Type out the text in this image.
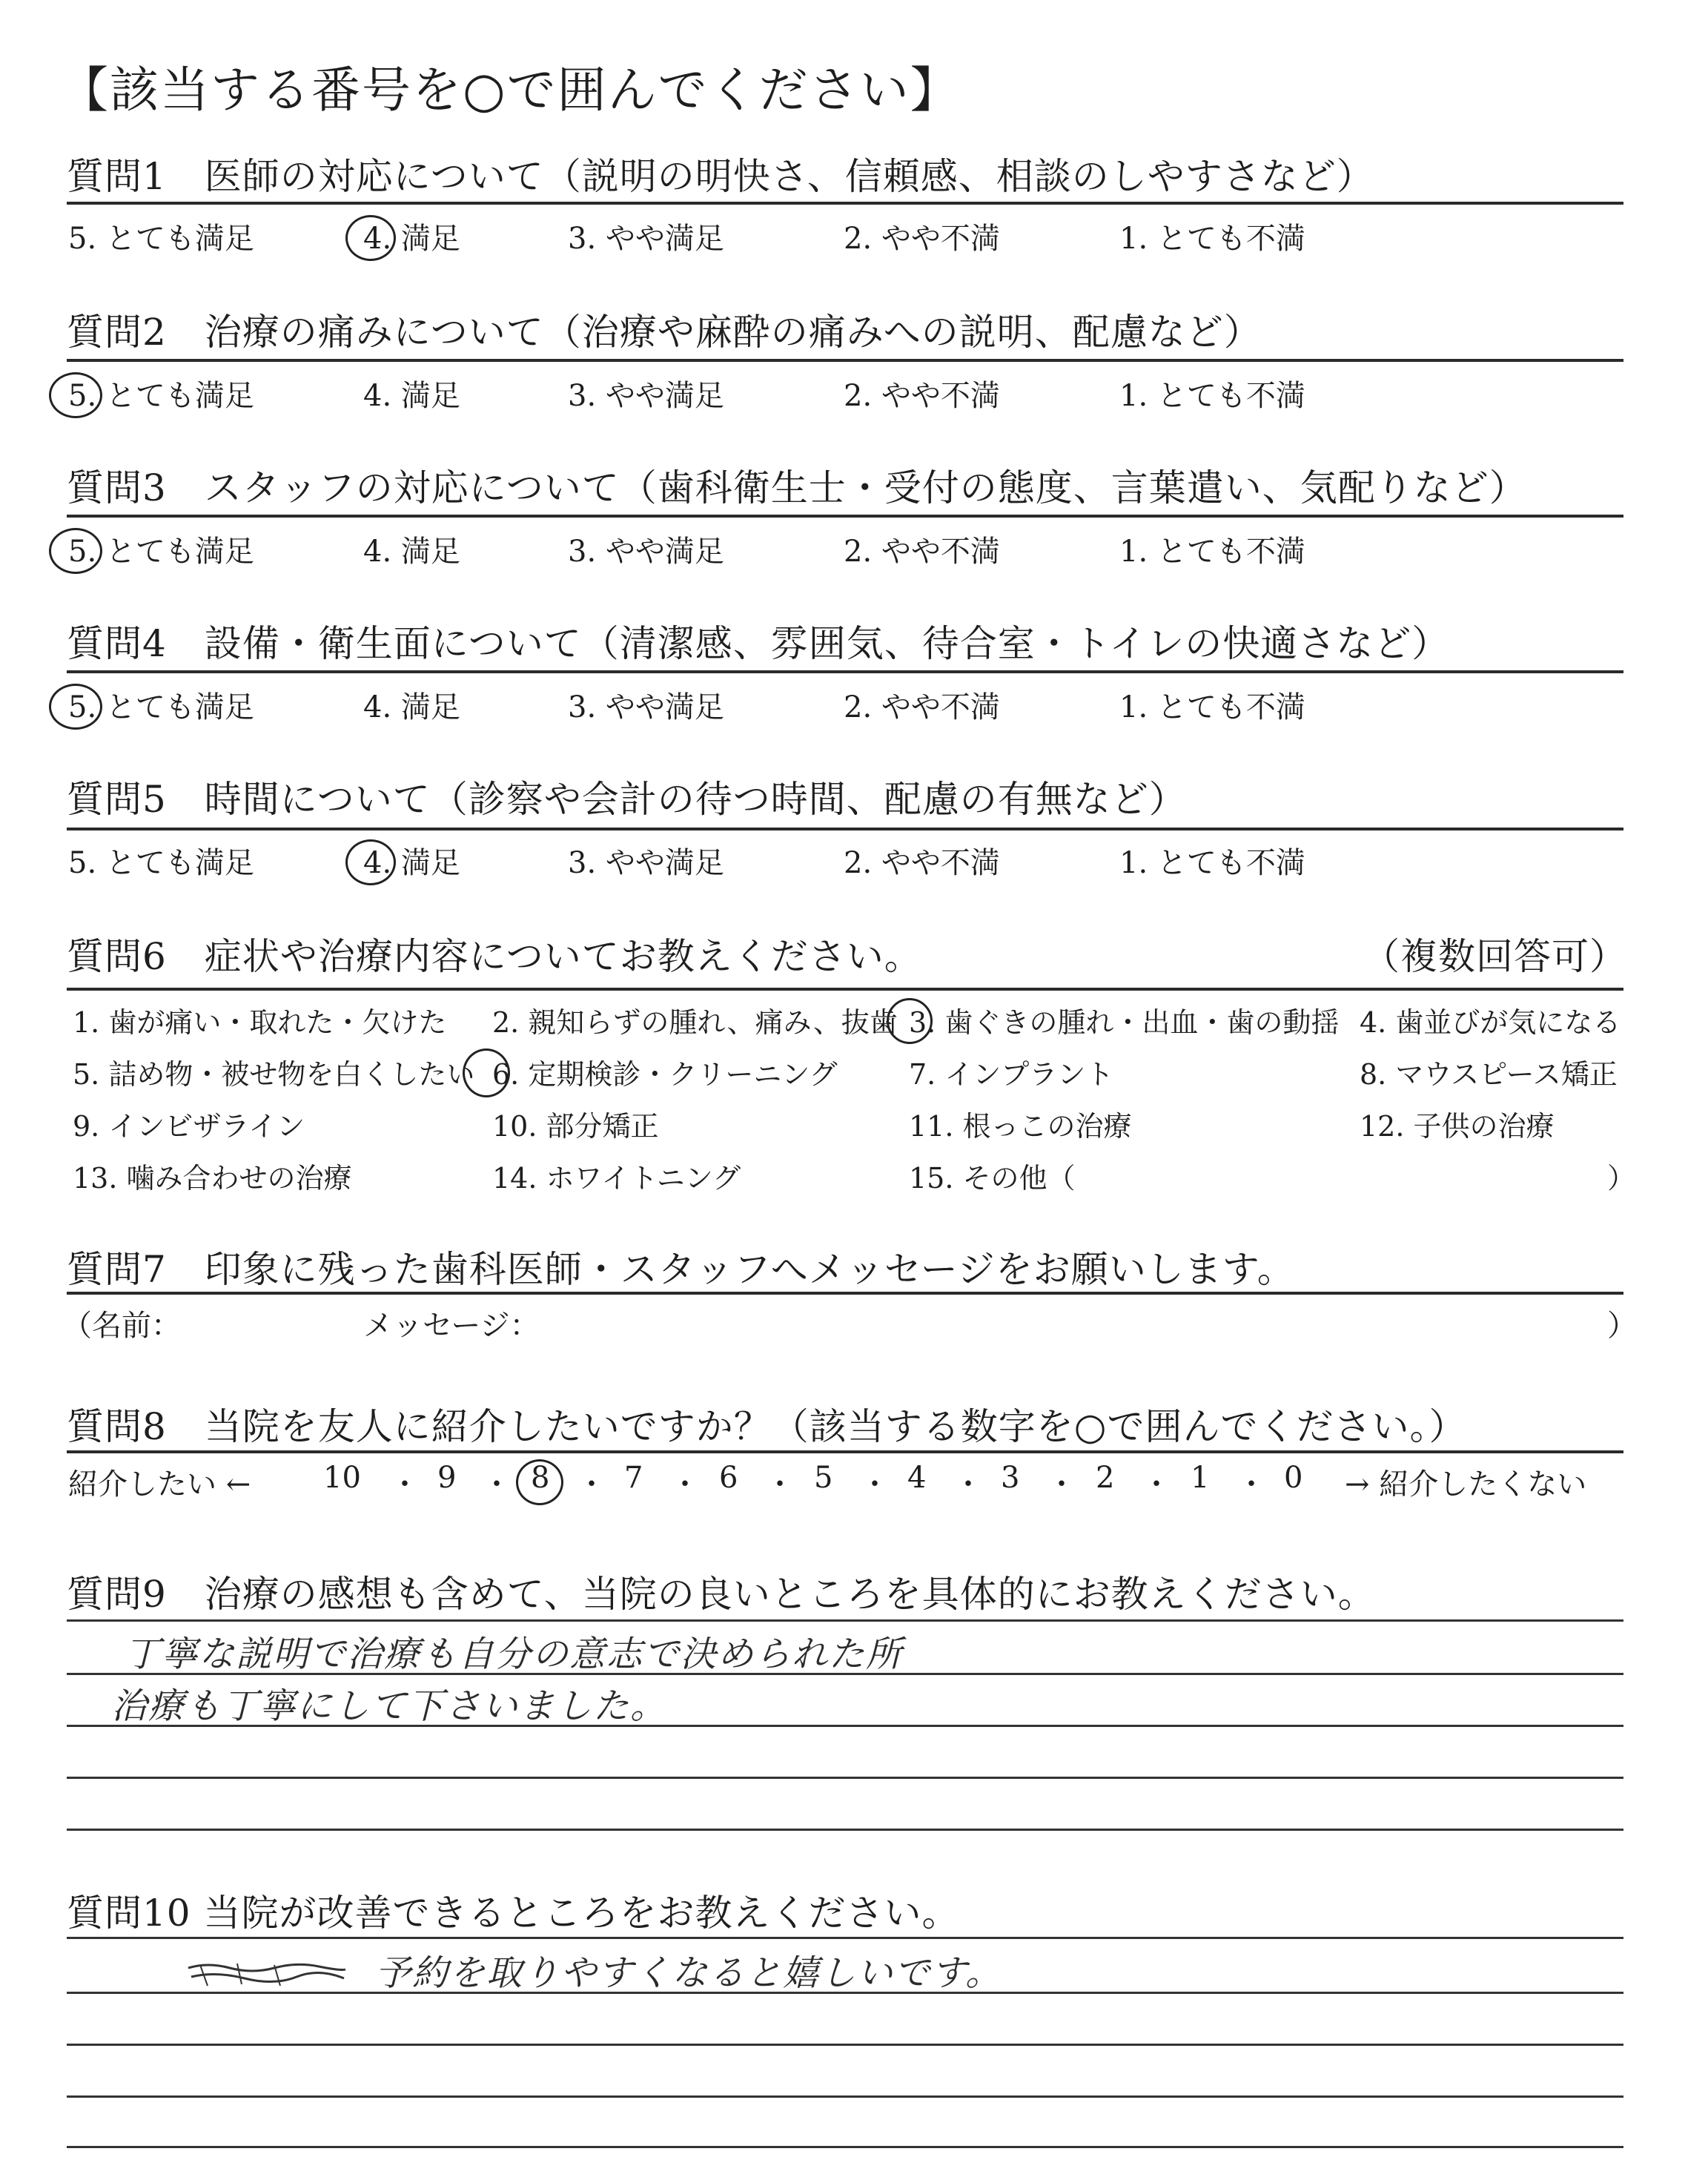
【該当する番号を○で囲んでください】
質問1　医師の対応について（説明の明快さ、信頼感、相談のしやすさなど）
5. とても満足	4. 満足	3. やや満足	2. やや不満	1. とても不満
質問2　治療の痛みについて（治療や麻酔の痛みへの説明、配慮など）
5. とても満足	4. 満足	3. やや満足	2. やや不満	1. とても不満
質問3　スタッフの対応について（歯科衛生士・受付の態度、言葉遣い、気配りなど）
5. とても満足	4. 満足	3. やや満足	2. やや不満	1. とても不満
質問4　設備・衛生面について（清潔感、雰囲気、待合室・トイレの快適さなど）
5. とても満足	4. 満足	3. やや満足	2. やや不満	1. とても不満
質問5　時間について（診察や会計の待つ時間、配慮の有無など）
5. とても満足	4. 満足	3. やや満足	2. やや不満	1. とても不満
質問6　症状や治療内容についてお教えください。	（複数回答可）
1. 歯が痛い・取れた・欠けた 2. 親知らずの腫れ、痛み、抜歯 3. 歯ぐきの腫れ・出血・歯の動揺 4. 歯並びが気になる
5. 詰め物・被せ物を白くしたい 6. 定期検診・クリーニング	7. インプラント	8. マウスピース矯正
9. インビザライン	10. 部分矯正	11. 根っこの治療	12. 子供の治療
13. 噛み合わせの治療	14. ホワイトニング	15. その他（	）
質問7　印象に残った歯科医師・スタッフへメッセージをお願いします。
（名前：	メッセージ：	）
質問8　当院を友人に紹介したいですか？（該当する数字を○で囲んでください。）
紹介したい ← 10 ・ 9 ・ 8 ・ 7 ・ 6 ・ 5 ・ 4 ・ 3 ・ 2 ・ 1 ・ 0 → 紹介したくない
質問9　治療の感想も含めて、当院の良いところを具体的にお教えください。
丁寧な説明で治療も自分の意志で決められた所
治療も丁寧にして下さいました。
質問10 当院が改善できるところをお教えください。
予約を取りやすくなると嬉しいです。
